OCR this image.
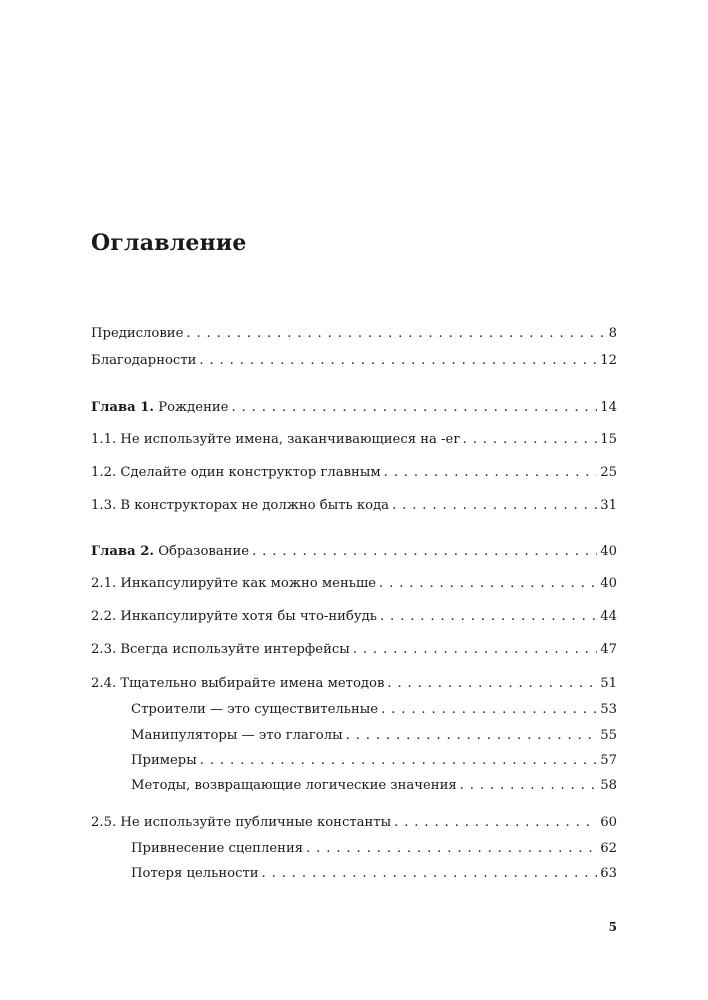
Оглавление
Предисловие . . .	8
Благодарности . . .	12
Глава 1. Рождение . . .	14
1.1. Не используйте имена, заканчивающиеся на -er . . .	15
1.2. Сделайте один конструктор главным . . .	25
1.3. В конструкторах не должно быть кода . . .	31
Глава 2. Образование . . .	40
2.1. Инкапсулируйте как можно меньше . . .	40
2.2. Инкапсулируйте хотя бы что-нибудь . . .	44
2.3. Всегда используйте интерфейсы . . .	47
2.4. Тщательно выбирайте имена методов . . .	51
Строители — это существительные . . .	53
Манипуляторы — это глаголы . . .	55
Примеры . . .	57
Методы, возвращающие логические значения . . .	58
2.5. Не используйте публичные константы . . .	60
Привнесение сцепления . . .	62
Потеря цельности . . .	63
5
